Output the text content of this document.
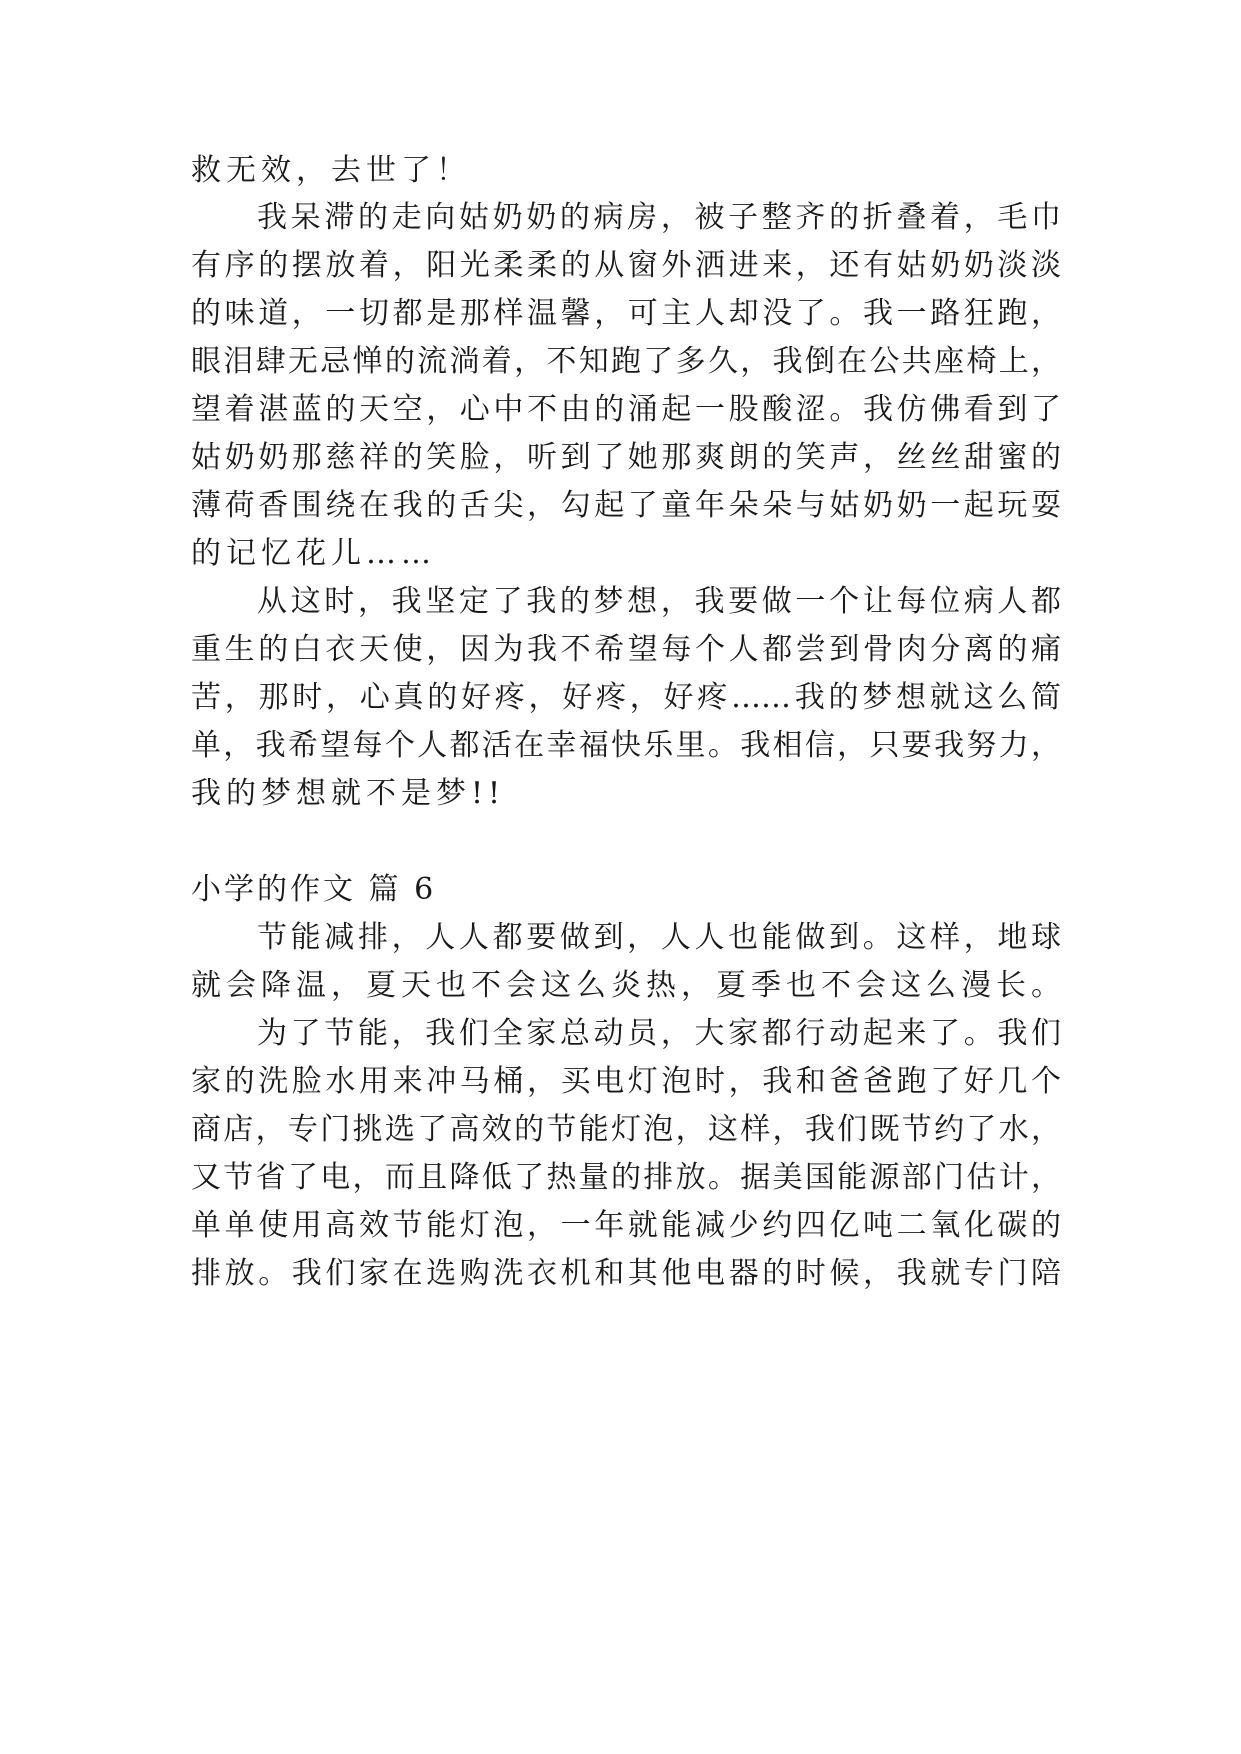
救无效，去世了！
我呆滞的走向姑奶奶的病房，被子整齐的折叠着，毛巾
有序的摆放着，阳光柔柔的从窗外洒进来，还有姑奶奶淡淡
的味道，一切都是那样温馨，可主人却没了。我一路狂跑，
眼泪肆无忌惮的流淌着，不知跑了多久，我倒在公共座椅上，
望着湛蓝的天空，心中不由的涌起一股酸涩。我仿佛看到了
姑奶奶那慈祥的笑脸，听到了她那爽朗的笑声，丝丝甜蜜的
薄荷香围绕在我的舌尖，勾起了童年朵朵与姑奶奶一起玩耍
的记忆花儿……
从这时，我坚定了我的梦想，我要做一个让每位病人都
重生的白衣天使，因为我不希望每个人都尝到骨肉分离的痛
苦，那时，心真的好疼，好疼，好疼……我的梦想就这么简
单，我希望每个人都活在幸福快乐里。我相信，只要我努力，
我的梦想就不是梦!!
小学的作文 篇 6
节能减排，人人都要做到，人人也能做到。这样，地球
就会降温，夏天也不会这么炎热，夏季也不会这么漫长。
为了节能，我们全家总动员，大家都行动起来了。我们
家的洗脸水用来冲马桶，买电灯泡时，我和爸爸跑了好几个
商店，专门挑选了高效的节能灯泡，这样，我们既节约了水，
又节省了电，而且降低了热量的排放。据美国能源部门估计，
单单使用高效节能灯泡，一年就能减少约四亿吨二氧化碳的
排放。我们家在选购洗衣机和其他电器的时候，我就专门陪
